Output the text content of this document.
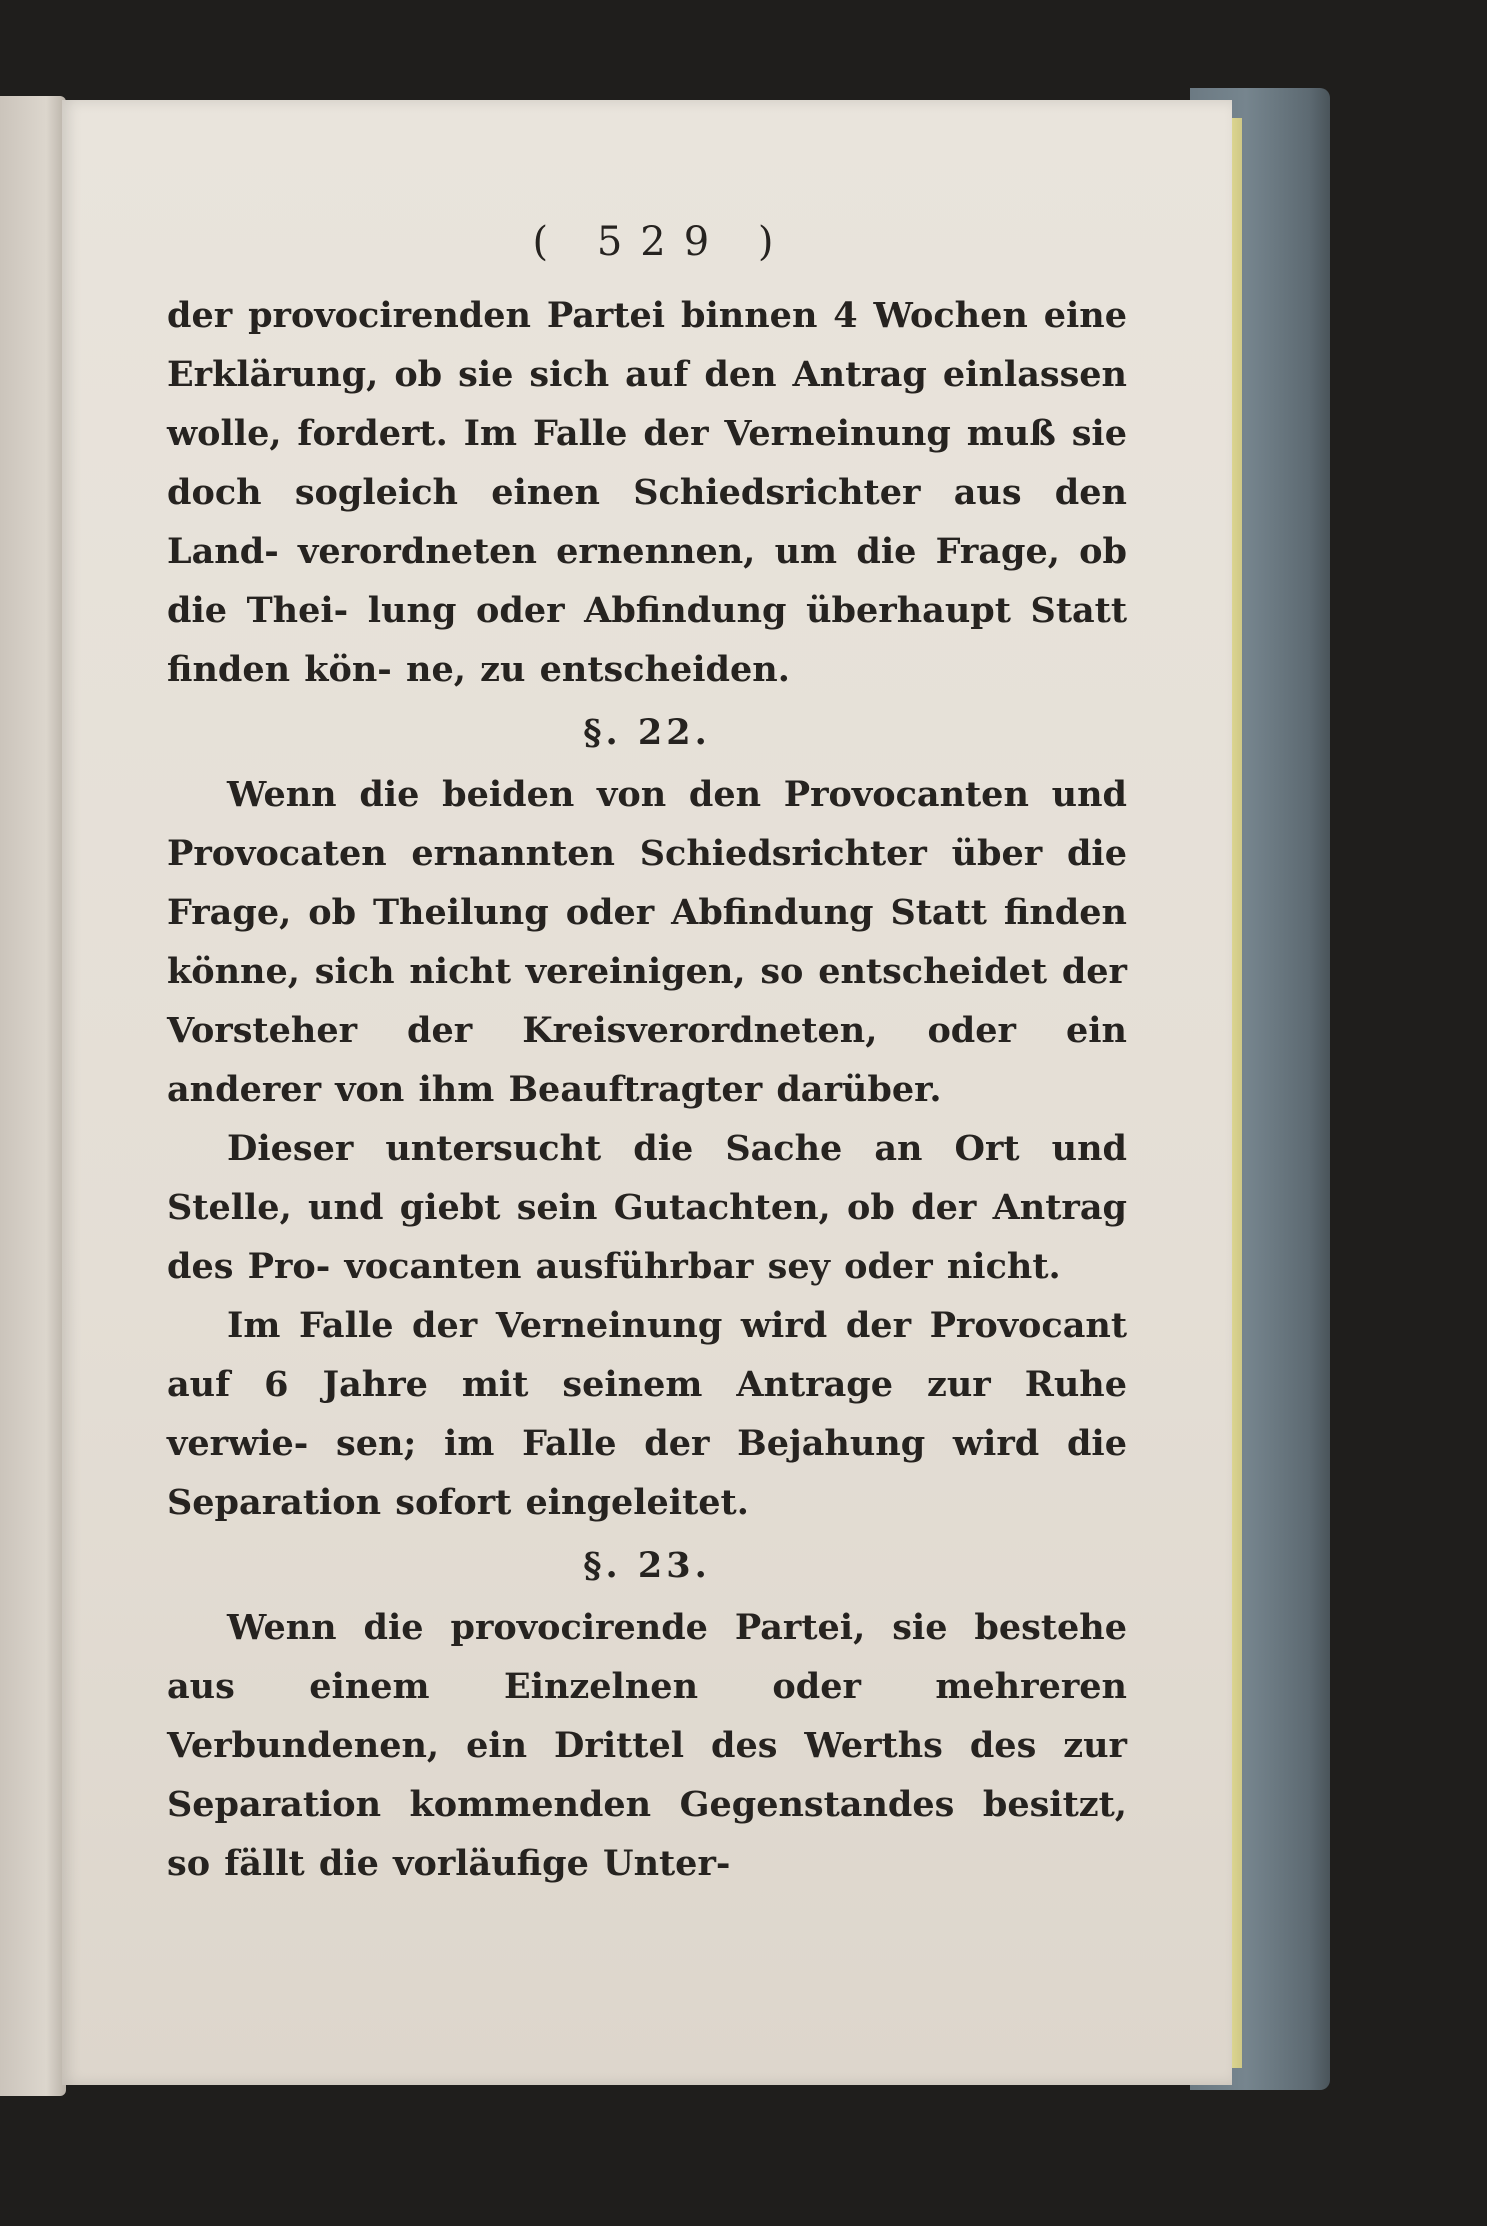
( 529 )

der provocirenden Partei binnen 4 Wochen eine Erklärung, ob sie sich auf den Antrag einlassen wolle, fordert. Im Falle der Verneinung muß sie doch sogleich einen Schiedsrichter aus den Land- verordneten ernennen, um die Frage, ob die Thei- lung oder Abfindung überhaupt Statt finden kön- ne, zu entscheiden.

§. 22.

Wenn die beiden von den Provocanten und Provocaten ernannten Schiedsrichter über die Frage, ob Theilung oder Abfindung Statt finden könne, sich nicht vereinigen, so entscheidet der Vorsteher der Kreisverordneten, oder ein anderer von ihm Beauftragter darüber.

Dieser untersucht die Sache an Ort und Stelle, und giebt sein Gutachten, ob der Antrag des Pro- vocanten ausführbar sey oder nicht.

Im Falle der Verneinung wird der Provocant auf 6 Jahre mit seinem Antrage zur Ruhe verwie- sen; im Falle der Bejahung wird die Separation sofort eingeleitet.

§. 23.

Wenn die provocirende Partei, sie bestehe aus einem Einzelnen oder mehreren Verbundenen, ein Drittel des Werths des zur Separation kommenden Gegenstandes besitzt, so fällt die vorläufige Unter-
